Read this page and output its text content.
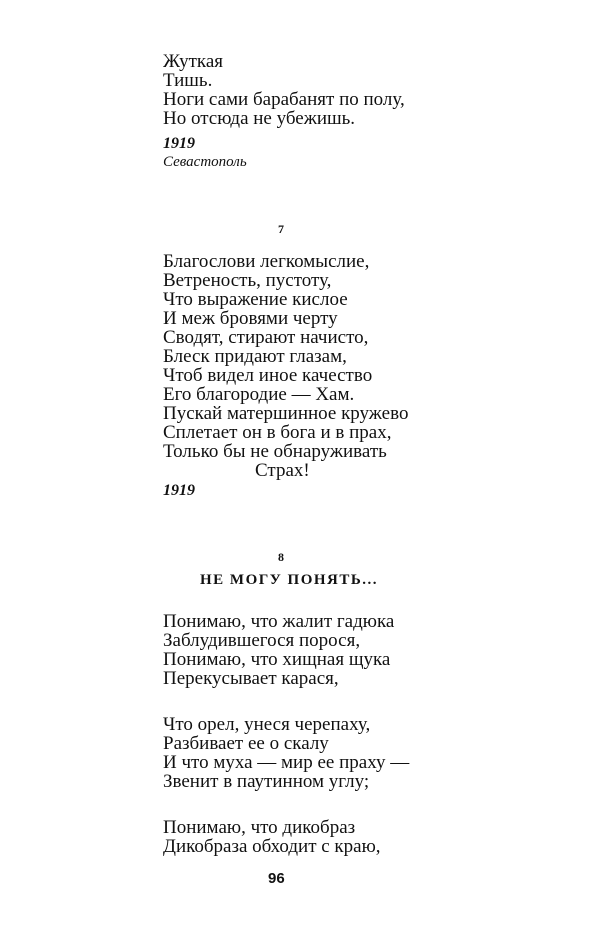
Жуткая
Тишь.
Ноги сами барабанят по полу,
Но отсюда не убежишь.
1919
Севастополь
7
Благослови легкомыслие,
Ветреность, пустоту,
Что выражение кислое
И меж бровями черту
Сводят, стирают начисто,
Блеск придают глазам,
Чтоб видел иное качество
Его благородие — Хам.
Пускай матершинное кружево
Сплетает он в бога и в прах,
Только бы не обнаруживать
Страх!
1919
8
НЕ МОГУ ПОНЯТЬ...
Понимаю, что жалит гадюка
Заблудившегося порося,
Понимаю, что хищная щука
Перекусывает карася,
Что орел, унеся черепаху,
Разбивает ее о скалу
И что муха — мир ее праху —
Звенит в паутинном углу;
Понимаю, что дикобраз
Дикобраза обходит с краю,
96
